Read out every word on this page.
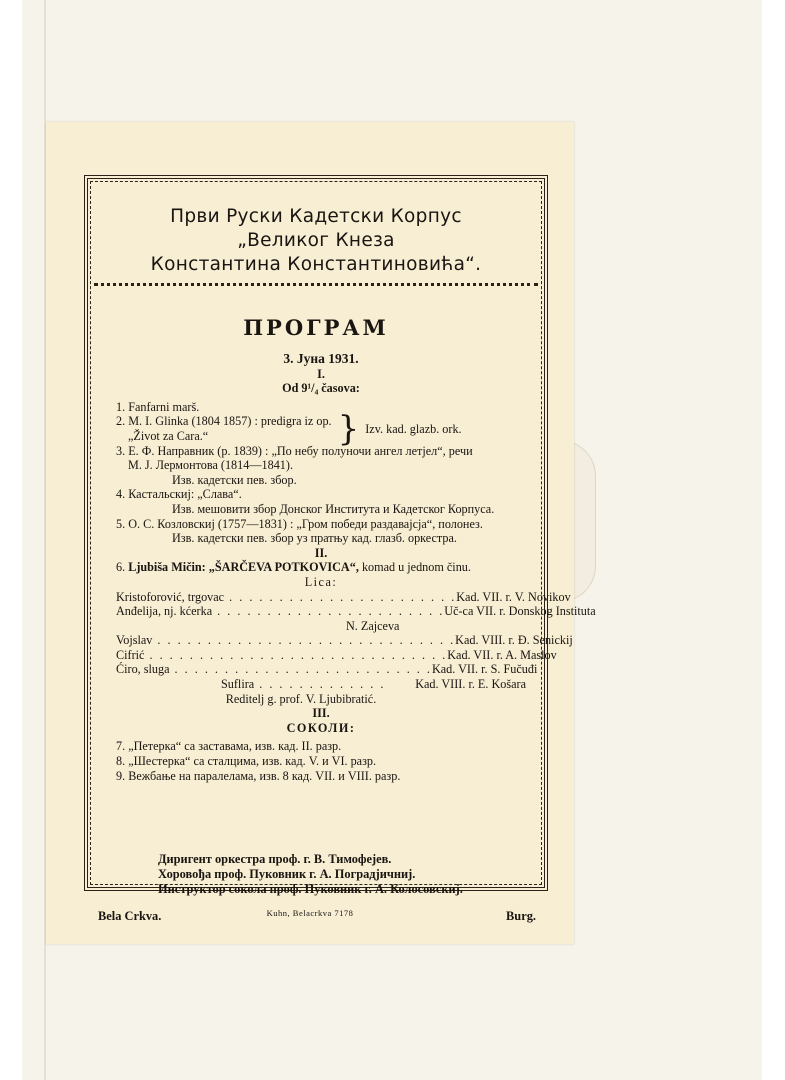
Први Руски Кадетски Корпус
„Великог Кнеза
Константина Константиновића“.
ПРОГРАМ
3. Јуна 1931.
I.
Od 9¹/₄ časova:
1. Fanfarni marš.
2. M. I. Glinka (1804 1857) : predigra iz op.
„Život za Cara.“	} Izv. kad. glazb. ork.
3. E. Ф. Направник (р. 1839) : „По небу полуночи ангел летјел“, речи
М. Ј. Лермонтова (1814—1841).
Изв. кадетски пев. збор.
4. Кастальскиј: „Слава“.
Изв. мешовити збор Донског Института и Кадетског Корпуса.
5. О. С. Козловскиј (1757—1831) : „Гром победи раздавајсја“, полонез.
Изв. кадетски пев. збор уз пратњу кад. глазб. оркестра.
II.
6. Ljubiša Mičin: „ŠARČEVA POTKOVICA“, komad u jednom činu.
Lica:
Kristoforović, trgovac . . . . . . . . . . . . . . . . . . . . . . . Kad. VII. r. V. Novikov
Anđelija, nj. kćerka . . . . . . . . . . . . . . . . . . . . . . . Uč-ca VII. r. Donskog Instituta
N. Zajceva
Vojslav . . . . . . . . . . . . . . . . . . . . . . . . . . . . . . Kad. VIII. r. Đ. Senickij
Cifrić . . . . . . . . . . . . . . . . . . . . . . . . . . . . . . Kad. VII. r. A. Maslov
Ćiro, sluga . . . . . . . . . . . . . . . . . . . . . . . . . . Kad. VII. r. S. Fučuđi
Suflira . . . . . . . . . . . . .	Kad. VIII. r. E. Košara
Reditelj g. prof. V. Ljubibratić.
III.
СОКОЛИ:
7. „Петерка“ са заставама, изв. кад. II. разр.
8. „Шестерка“ са сталцима, изв. кад. V. и VI. разр.
9. Вежбање на паралелама, изв. 8 кад. VII. и VIII. разр.
Диригент оркестра проф. г. В. Тимофејев.
Хоровођа проф. Пуковник г. А. Поградјичниј.
Инструктор сокола проф. Пуковник г. А. Колосовскиј.
Bela Crkva.	Burg.
Kuhn, Belacrkva 7178
